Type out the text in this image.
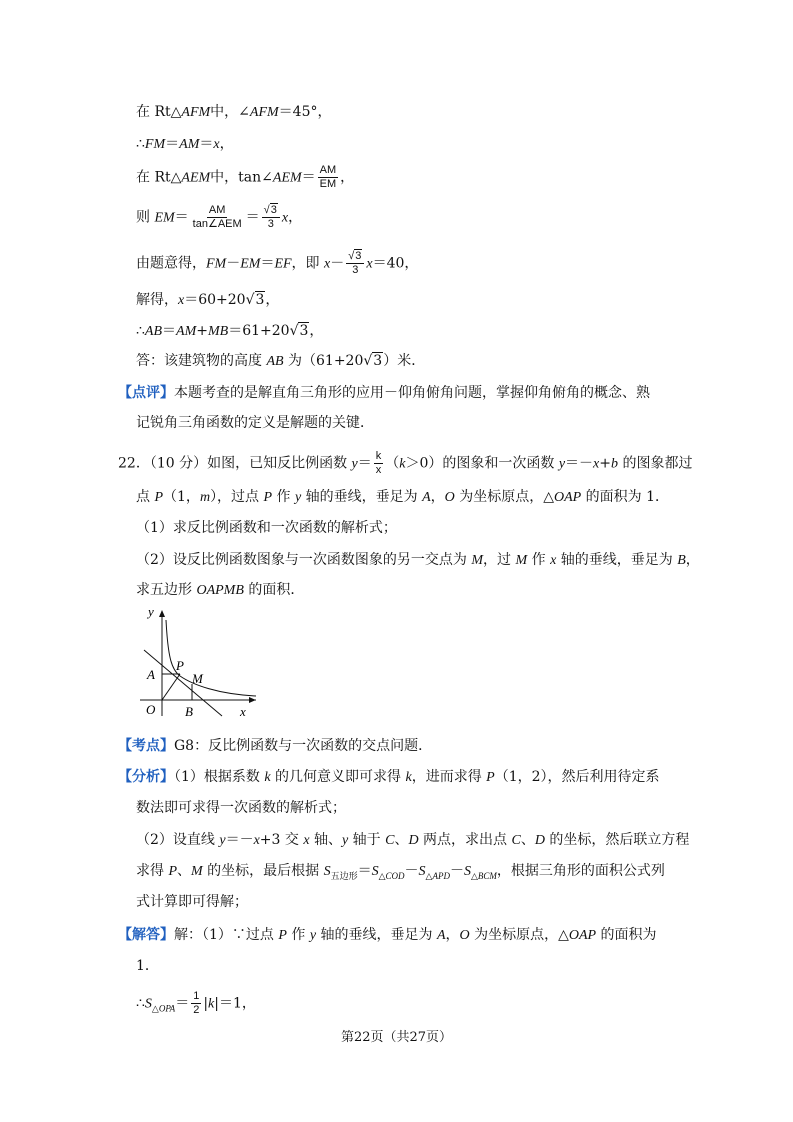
在 Rt△AFM中，∠AFM＝45°，
∴FM＝AM＝x，
在 Rt△AEM中，tan∠AEM＝ $\frac{AM}{EM}$ ，
则 $EM= \frac{AM}{\text{tan∠AEM}} = \frac{√3}{3}$ x，
由题意得，FM－EM＝EF，即 $x- \frac{√3}{3} x=40$，
解得，x＝60+20√3，
∴AB＝AM+MB＝61+20√3，
答：该建筑物的高度 AB 为（61+20√3）米．
【点评】本题考查的是解直角三角形的应用－仰角俯角问题，掌握仰角俯角的概念、熟
记锐角三角函数的定义是解题的关键．
22．（10 分）如图，已知反比例函数 $y= \frac{k}{x} (k>0)$的图象和一次函数 y＝－x+b 的图象都过
点 P（1，m），过点 P 作 y 轴的垂线，垂足为 A，O 为坐标原点，△OAP 的面积为 1．
（1）求反比例函数和一次函数的解析式；
（2）设反比例函数图象与一次函数图象的另一交点为 M，过 M 作 x 轴的垂线，垂足为 B，
求五边形 OAPMB 的面积．
y
x
O
A
P
M
B
【考点】G8：反比例函数与一次函数的交点问题．
【分析】（1）根据系数 k 的几何意义即可求得 k，进而求得 P（1，2），然后利用待定系
数法即可求得一次函数的解析式；
（2）设直线 y＝－x+3 交 x 轴、y 轴于 C、D 两点，求出点 C、D 的坐标，然后联立方程
求得 P、M 的坐标，最后根据 $S_{五边形}=S_{\triangle COD}-S_{\triangle APD}-S_{\triangle BCM}$，根据三角形的面积公式列
式计算即可得解；
【解答】解：（1）∵过点 P 作 y 轴的垂线，垂足为 A，O 为坐标原点，△OAP 的面积为
1．
$\therefore S_{\triangle OPA}= \frac{1}{2} |k|=1$，
第22页（共27页）
